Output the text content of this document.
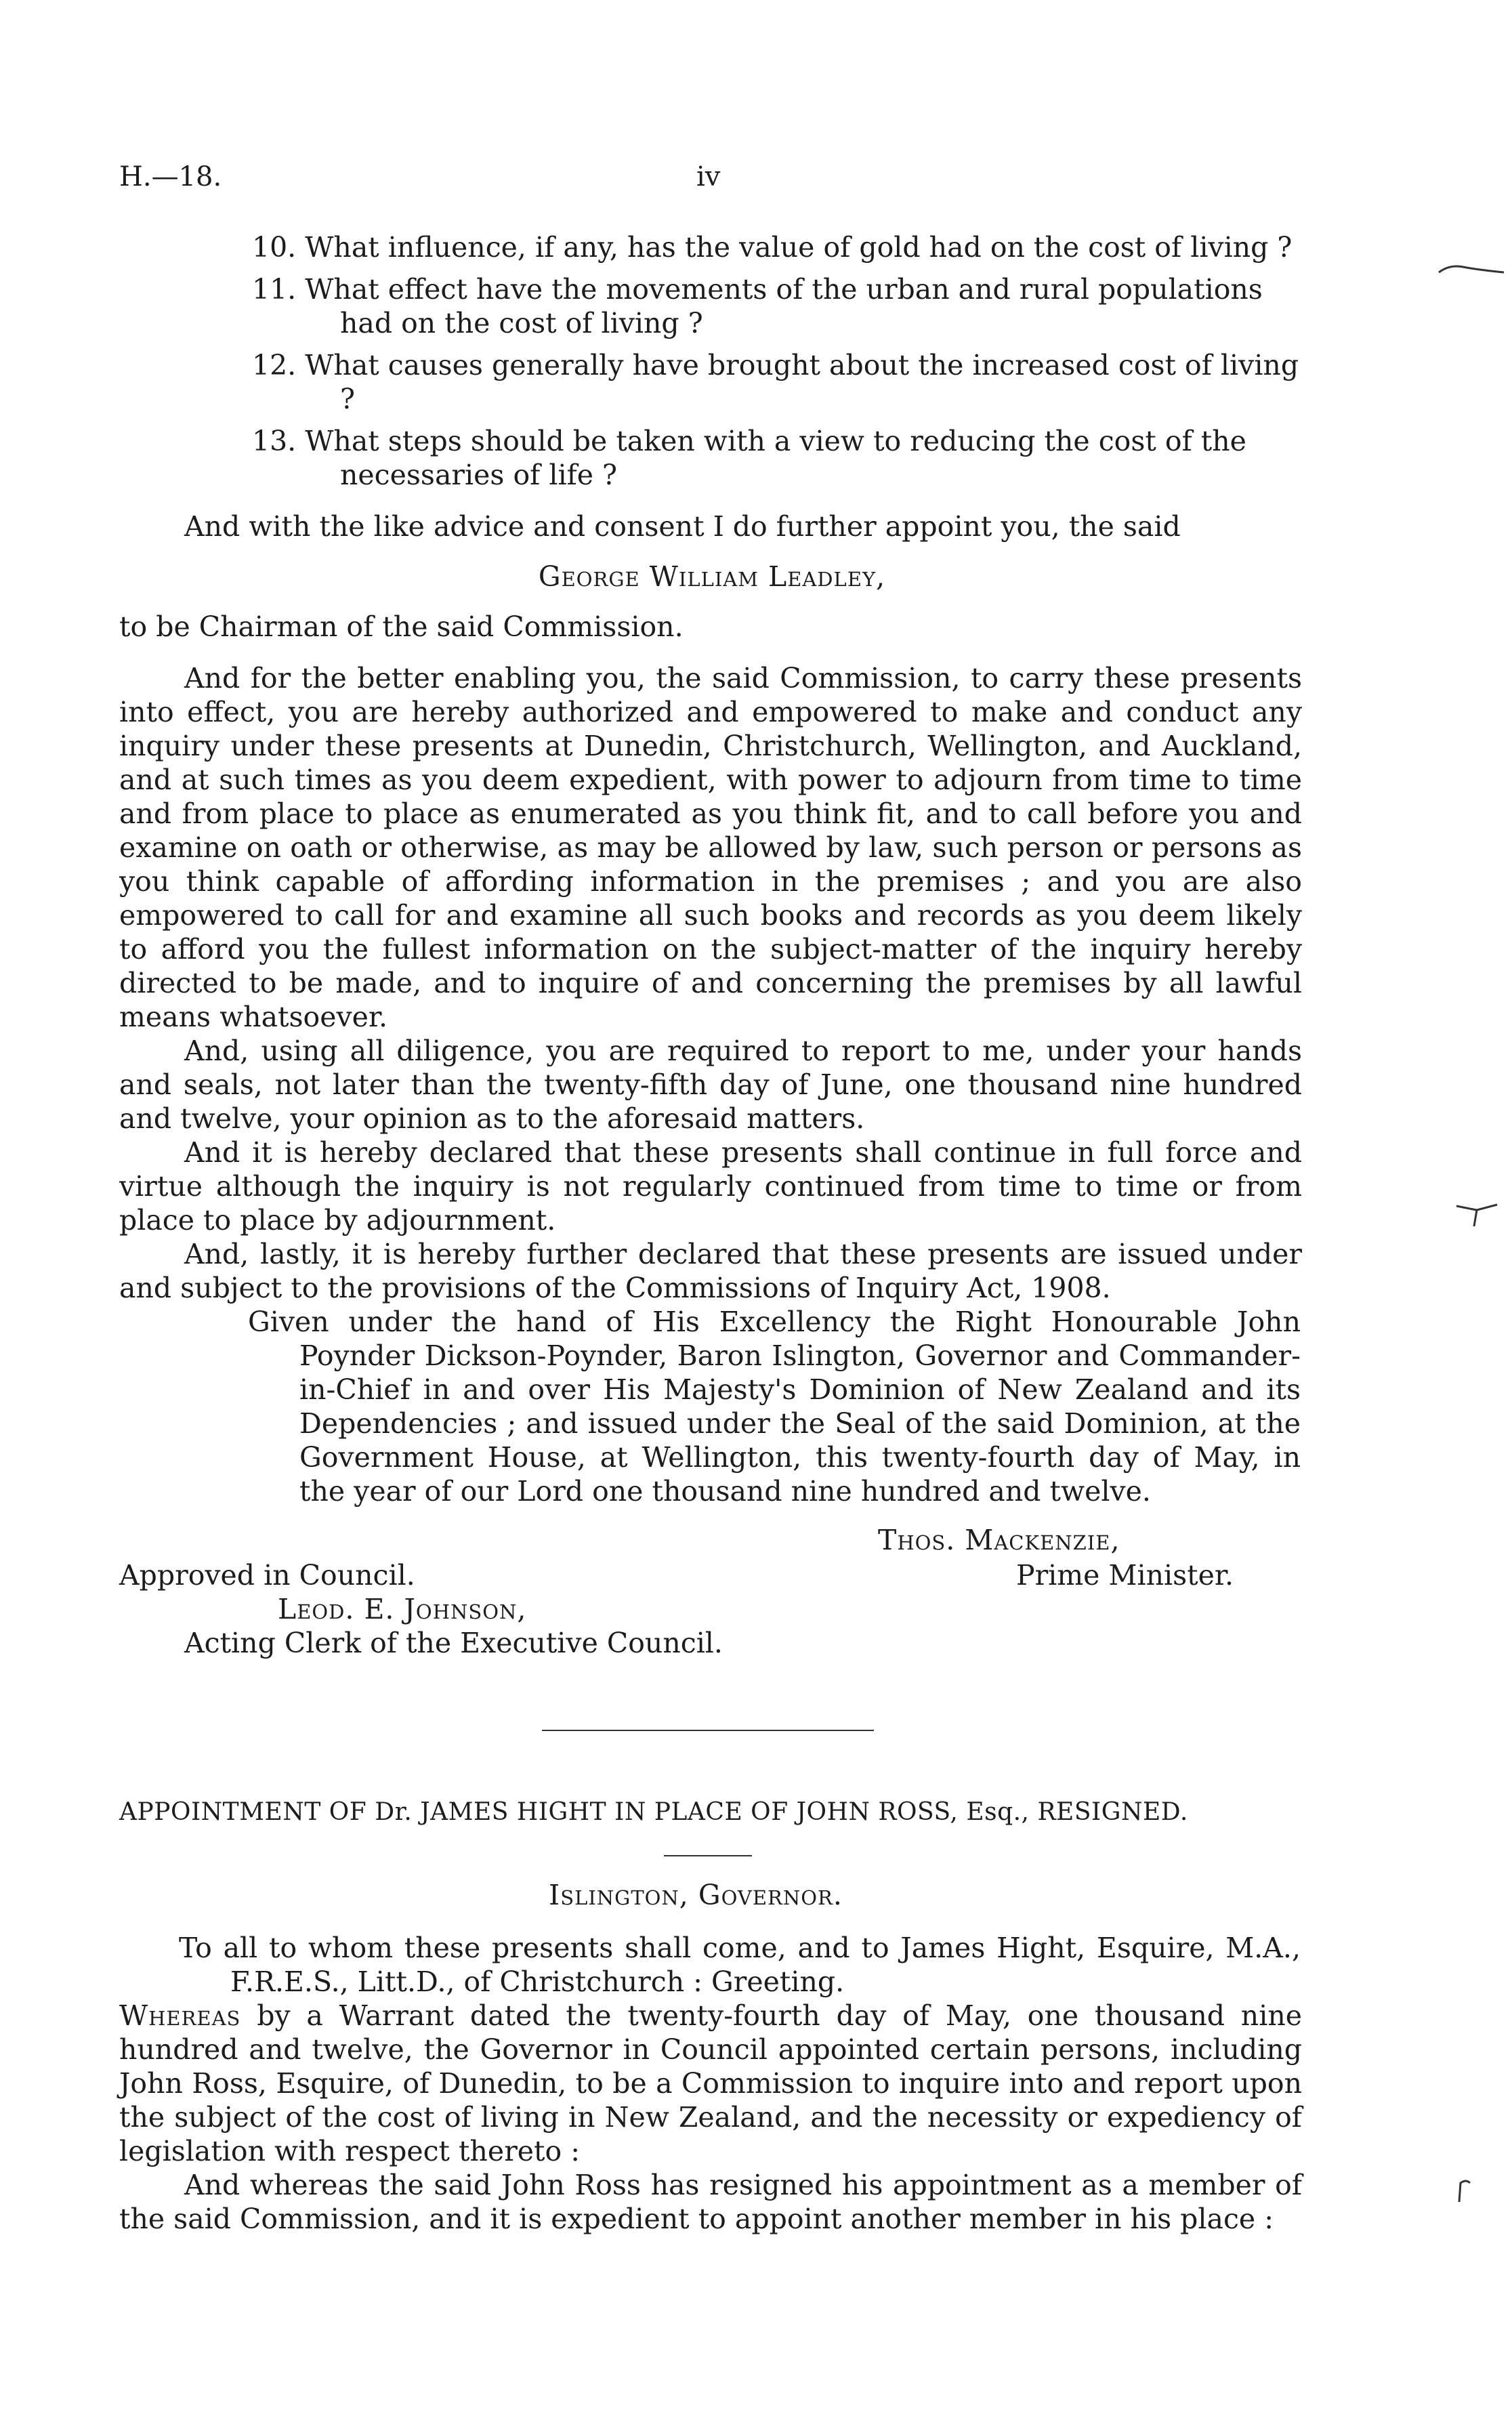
H.—18.	iv
10. What influence, if any, has the value of gold had on the cost of living ?
11. What effect have the movements of the urban and rural populations had on the cost of living ?
12. What causes generally have brought about the increased cost of living ?
13. What steps should be taken with a view to reducing the cost of the necessaries of life ?
And with the like advice and consent I do further appoint you, the said
George William Leadley,
to be Chairman of the said Commission.
And for the better enabling you, the said Commission, to carry these presents into effect, you are hereby authorized and empowered to make and conduct any inquiry under these presents at Dunedin, Christchurch, Wellington, and Auckland, and at such times as you deem expedient, with power to adjourn from time to time and from place to place as enumerated as you think fit, and to call before you and examine on oath or otherwise, as may be allowed by law, such person or persons as you think capable of affording information in the premises ; and you are also empowered to call for and examine all such books and records as you deem likely to afford you the fullest information on the subject-matter of the inquiry hereby directed to be made, and to inquire of and concerning the premises by all lawful means whatsoever.
And, using all diligence, you are required to report to me, under your hands and seals, not later than the twenty-fifth day of June, one thousand nine hundred and twelve, your opinion as to the aforesaid matters.
And it is hereby declared that these presents shall continue in full force and virtue although the inquiry is not regularly continued from time to time or from place to place by adjournment.
And, lastly, it is hereby further declared that these presents are issued under and subject to the provisions of the Commissions of Inquiry Act, 1908.
Given under the hand of His Excellency the Right Honourable John Poynder Dickson-Poynder, Baron Islington, Governor and Commander-in-Chief in and over His Majesty's Dominion of New Zealand and its Dependencies ; and issued under the Seal of the said Dominion, at the Government House, at Wellington, this twenty-fourth day of May, in the year of our Lord one thousand nine hundred and twelve.
Thos. Mackenzie,
Prime Minister.
Approved in Council.
Leod. E. Johnson,
Acting Clerk of the Executive Council.
APPOINTMENT OF Dr. JAMES HIGHT IN PLACE OF JOHN ROSS, Esq., RESIGNED.
Islington, Governor.
To all to whom these presents shall come, and to James Hight, Esquire, M.A., F.R.E.S., Litt.D., of Christchurch : Greeting.
Whereas by a Warrant dated the twenty-fourth day of May, one thousand nine hundred and twelve, the Governor in Council appointed certain persons, including John Ross, Esquire, of Dunedin, to be a Commission to inquire into and report upon the subject of the cost of living in New Zealand, and the necessity or expediency of legislation with respect thereto :
And whereas the said John Ross has resigned his appointment as a member of the said Commission, and it is expedient to appoint another member in his place :
